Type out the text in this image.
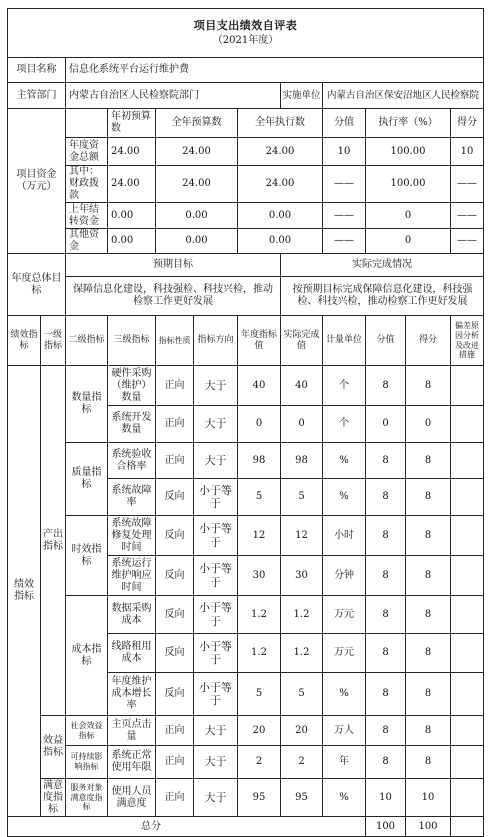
项目支出绩效自评表
（2021年度）											

项目名称		信息化系统平台运行维护费									
主管部门		内蒙古自治区人民检察院部门					实施单位	内蒙古自治区保安沼地区人民检察院			
项目资金（万元）			年初预算数	全年预算数		全年执行数		分值	执行率（%）		得分
		年度资金总额	24.00	24.00		24.00		10	100.00		10
		其中：财政拨款	24.00	24.00		24.00		——	100.00		——
		上年结转资金	0.00	0.00		0.00		——	0		——
		其他资金	0.00	0.00		0.00		——	0		——
年度总体目标		预期目标					实际完成情况				
		保障信息化建设，科技强检、科技兴检，推动检察工作更好发展					按预期目标完成保障信息化建设，科技强检、科技兴检，推动检察工作更好发展				
绩效指标	一级指标	二级指标	三级指标	指标性质	指标方向	年度指标值	实际完成值	计量单位	分值	得分	偏差原因分析及改进措施
绩效指标	产出指标	数量指标	硬件采购（维护）数量	正向	大于	40	40	个	8	8	
			系统开发数量	正向	大于	0	0	个	0	0	
		质量指标	系统验收合格率	正向	大于	98	98	%	8	8	
			系统故障率	反向	小于等于	5	5	%	8	8	
		时效指标	系统故障修复处理时间	反向	小于等于	12	12	小时	8	8	
			系统运行维护响应时间	反向	小于等于	30	30	分钟	8	8	
		成本指标	数据采购成本	反向	小于等于	1.2	1.2	万元	8	8	
			线路租用成本	反向	小于等于	1.2	1.2	万元	8	8	
			年度维护成本增长率	反向	小于等于	5	5	%	8	8	
	效益指标	社会效益指标	主页点击量	正向	大于	20	20	万人	8	8	
		可持续影响指标	系统正常使用年限	正向	大于	2	2	年	8	8	
	满意度指标	服务对象满意度指标	使用人员满意度	正向	大于	95	95	%	10	10	
总分									100	100	
